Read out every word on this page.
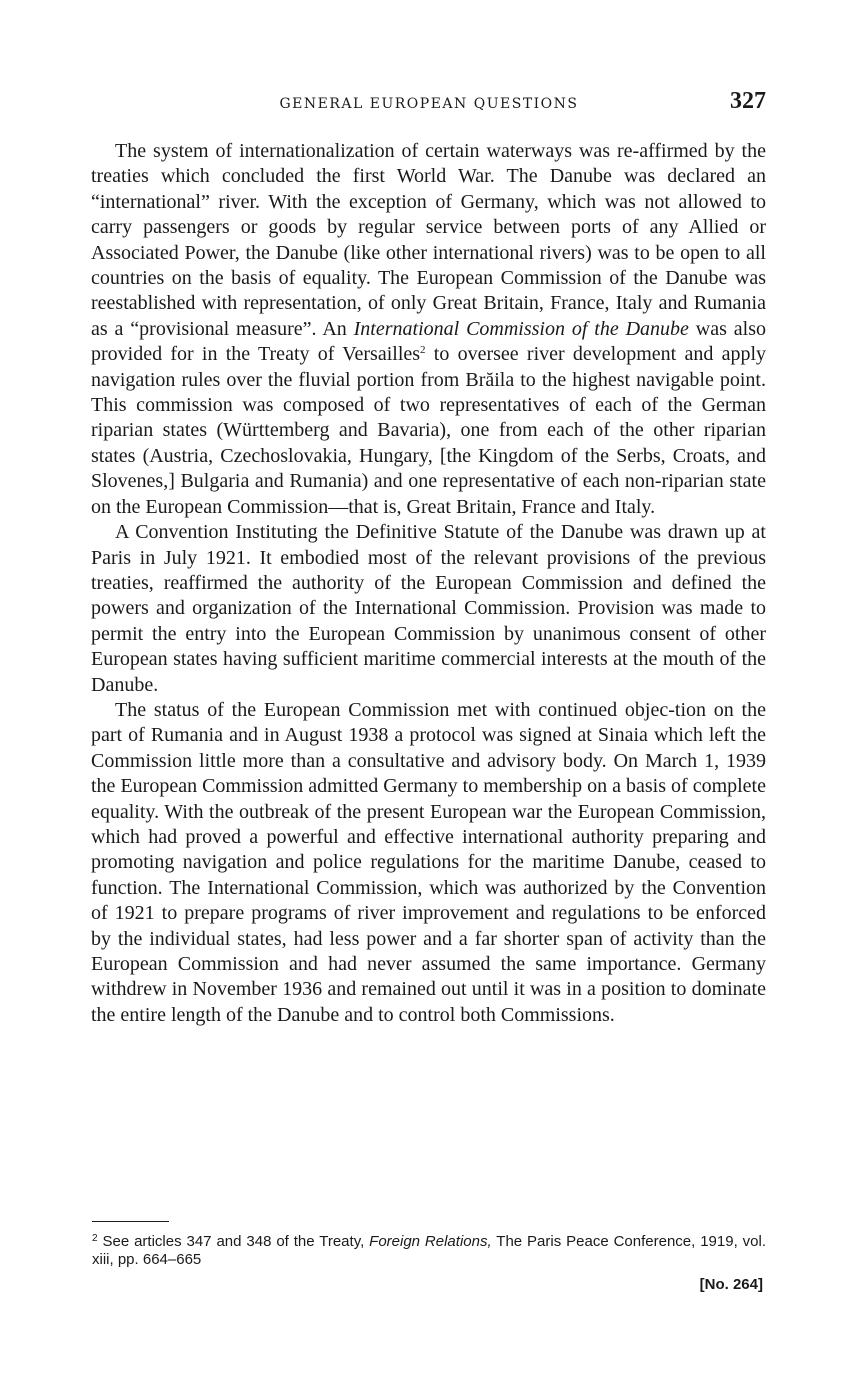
GENERAL EUROPEAN QUESTIONS	327

The system of internationalization of certain waterways was re-affirmed by the treaties which concluded the first World War. The Danube was declared an “international” river. With the exception of Germany, which was not allowed to carry passengers or goods by regular service between ports of any Allied or Associated Power, the Danube (like other international rivers) was to be open to all countries on the basis of equality. The European Commission of the Danube was reestablished with representation, of only Great Britain, France, Italy and Rumania as a “provisional measure”. An International Commission of the Danube was also provided for in the Treaty of Versailles$^2$ to oversee river development and apply navigation rules over the fluvial portion from Brăila to the highest navigable point. This commission was composed of two representatives of each of the German riparian states (Württemberg and Bavaria), one from each of the other riparian states (Austria, Czechoslovakia, Hungary, [the Kingdom of the Serbs, Croats, and Slovenes,] Bulgaria and Rumania) and one representative of each non-riparian state on the European Commission—that is, Great Britain, France and Italy.

A Convention Instituting the Definitive Statute of the Danube was drawn up at Paris in July 1921. It embodied most of the relevant provisions of the previous treaties, reaffirmed the authority of the European Commission and defined the powers and organization of the International Commission. Provision was made to permit the entry into the European Commission by unanimous consent of other European states having sufficient maritime commercial interests at the mouth of the Danube.

The status of the European Commission met with continued objec-tion on the part of Rumania and in August 1938 a protocol was signed at Sinaia which left the Commission little more than a consultative and advisory body. On March 1, 1939 the European Commission admitted Germany to membership on a basis of complete equality. With the outbreak of the present European war the European Commission, which had proved a powerful and effective international authority preparing and promoting navigation and police regulations for the maritime Danube, ceased to function. The International Commission, which was authorized by the Convention of 1921 to prepare programs of river improvement and regulations to be enforced by the individual states, had less power and a far shorter span of activity than the European Commission and had never assumed the same importance. Germany withdrew in November 1936 and remained out until it was in a position to dominate the entire length of the Danube and to control both Commissions.

$^2$ See articles 347 and 348 of the Treaty, Foreign Relations, The Paris Peace Conference, 1919, vol. xiii, pp. 664–665
[No. 264]
